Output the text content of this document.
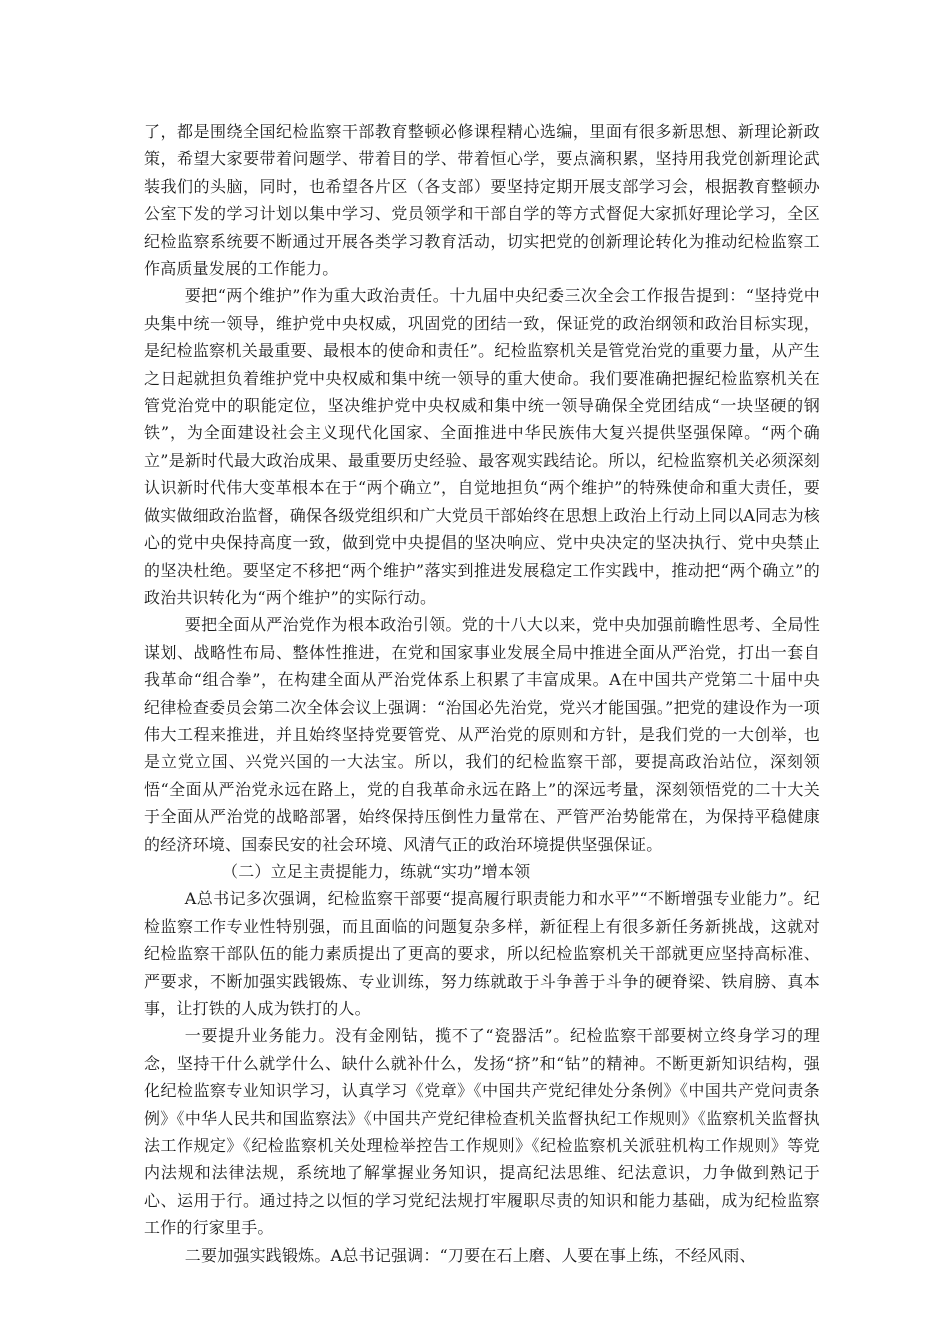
了，都是围绕全国纪检监察干部教育整顿必修课程精心选编，里面有很多新思想、新理论新政策，希望大家要带着问题学、带着目的学、带着恒心学，要点滴积累，坚持用我党创新理论武装我们的头脑，同时，也希望各片区（各支部）要坚持定期开展支部学习会，根据教育整顿办公室下发的学习计划以集中学习、党员领学和干部自学的等方式督促大家抓好理论学习，全区纪检监察系统要不断通过开展各类学习教育活动，切实把党的创新理论转化为推动纪检监察工作高质量发展的工作能力。

要把“两个维护”作为重大政治责任。十九届中央纪委三次全会工作报告提到：“坚持党中央集中统一领导，维护党中央权威，巩固党的团结一致，保证党的政治纲领和政治目标实现，是纪检监察机关最重要、最根本的使命和责任”。纪检监察机关是管党治党的重要力量，从产生之日起就担负着维护党中央权威和集中统一领导的重大使命。我们要准确把握纪检监察机关在管党治党中的职能定位，坚决维护党中央权威和集中统一领导确保全党团结成“一块坚硬的钢铁”，为全面建设社会主义现代化国家、全面推进中华民族伟大复兴提供坚强保障。“两个确立”是新时代最大政治成果、最重要历史经验、最客观实践结论。所以，纪检监察机关必须深刻认识新时代伟大变革根本在于“两个确立”，自觉地担负“两个维护”的特殊使命和重大责任，要做实做细政治监督，确保各级党组织和广大党员干部始终在思想上政治上行动上同以A同志为核心的党中央保持高度一致，做到党中央提倡的坚决响应、党中央决定的坚决执行、党中央禁止的坚决杜绝。要坚定不移把“两个维护”落实到推进发展稳定工作实践中，推动把“两个确立”的政治共识转化为“两个维护”的实际行动。

要把全面从严治党作为根本政治引领。党的十八大以来，党中央加强前瞻性思考、全局性谋划、战略性布局、整体性推进，在党和国家事业发展全局中推进全面从严治党，打出一套自我革命“组合拳”，在构建全面从严治党体系上积累了丰富成果。A在中国共产党第二十届中央纪律检查委员会第二次全体会议上强调：“治国必先治党，党兴才能国强。”把党的建设作为一项伟大工程来推进，并且始终坚持党要管党、从严治党的原则和方针，是我们党的一大创举，也是立党立国、兴党兴国的一大法宝。所以，我们的纪检监察干部，要提高政治站位，深刻领悟“全面从严治党永远在路上，党的自我革命永远在路上”的深远考量，深刻领悟党的二十大关于全面从严治党的战略部署，始终保持压倒性力量常在、严管严治势能常在，为保持平稳健康的经济环境、国泰民安的社会环境、风清气正的政治环境提供坚强保证。

（二）立足主责提能力，练就“实功”增本领

A总书记多次强调，纪检监察干部要“提高履行职责能力和水平”“不断增强专业能力”。纪检监察工作专业性特别强，而且面临的问题复杂多样，新征程上有很多新任务新挑战，这就对纪检监察干部队伍的能力素质提出了更高的要求，所以纪检监察机关干部就更应坚持高标准、严要求，不断加强实践锻炼、专业训练，努力练就敢于斗争善于斗争的硬脊梁、铁肩膀、真本事，让打铁的人成为铁打的人。

一要提升业务能力。没有金刚钻，揽不了“瓷器活”。纪检监察干部要树立终身学习的理念，坚持干什么就学什么、缺什么就补什么，发扬“挤”和“钻”的精神。不断更新知识结构，强化纪检监察专业知识学习，认真学习《党章》《中国共产党纪律处分条例》《中国共产党问责条例》《中华人民共和国监察法》《中国共产党纪律检查机关监督执纪工作规则》《监察机关监督执法工作规定》《纪检监察机关处理检举控告工作规则》《纪检监察机关派驻机构工作规则》等党内法规和法律法规，系统地了解掌握业务知识，提高纪法思维、纪法意识，力争做到熟记于心、运用于行。通过持之以恒的学习党纪法规打牢履职尽责的知识和能力基础，成为纪检监察工作的行家里手。

二要加强实践锻炼。A总书记强调：“刀要在石上磨、人要在事上练，不经风雨、
